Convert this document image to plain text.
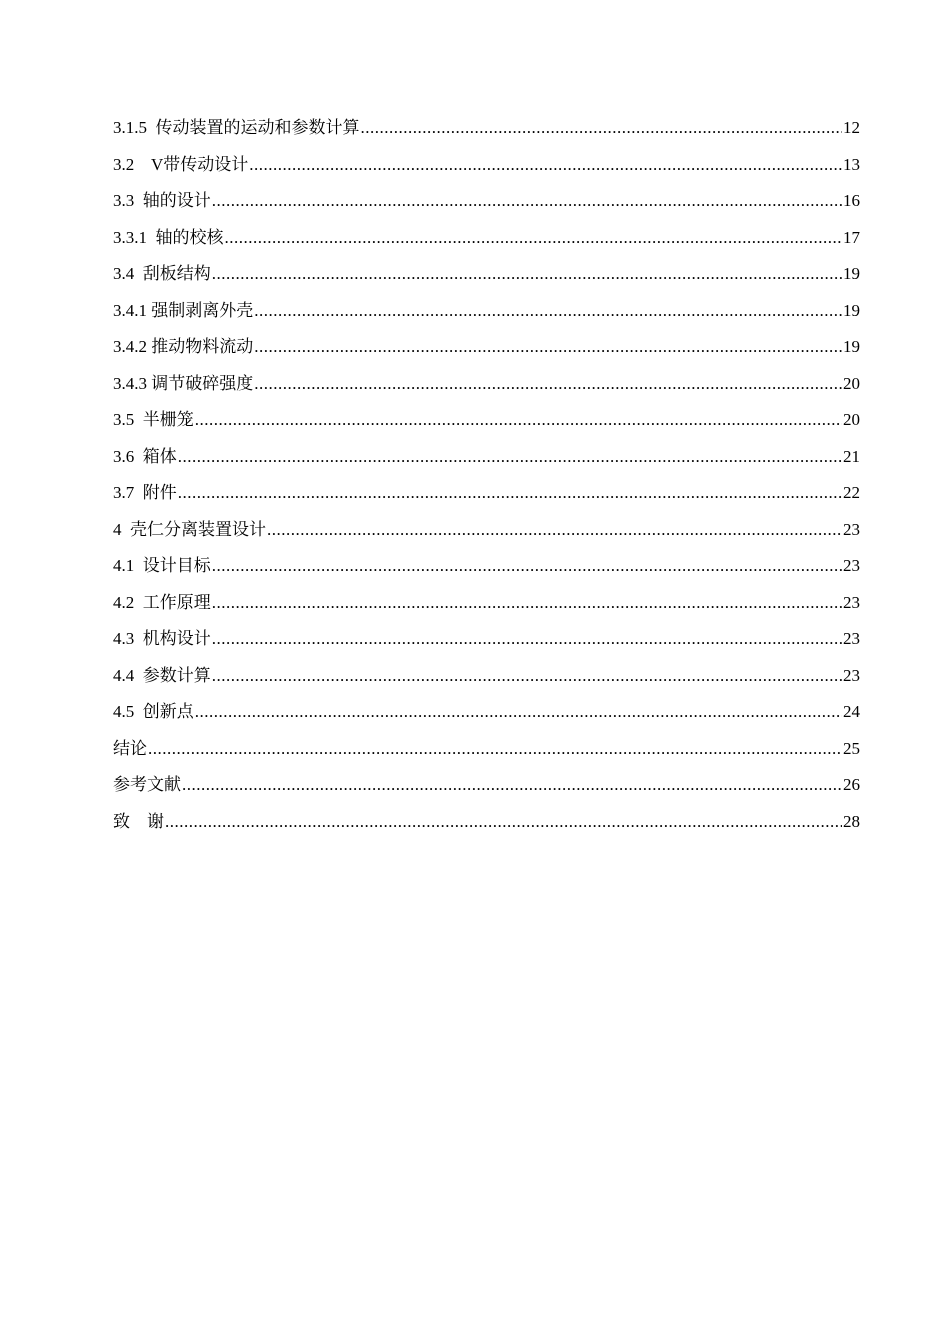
3.1.5  传动装置的运动和参数计算 .....	12
3.2    V带传动设计 .....	13
3.3  轴的设计 .....	16
3.3.1  轴的校核 .....	17
3.4  刮板结构 .....	19
3.4.1 强制剥离外壳 .....	19
3.4.2 推动物料流动 .....	19
3.4.3 调节破碎强度 .....	20
3.5  半栅笼 .....	20
3.6  箱体 .....	21
3.7  附件 .....	22
4  壳仁分离装置设计 .....	23
4.1  设计目标 .....	23
4.2  工作原理 .....	23
4.3  机构设计 .....	23
4.4  参数计算 .....	23
4.5  创新点 .....	24
结论 .....	25
参考文献 .....	26
致    谢 .....	28
